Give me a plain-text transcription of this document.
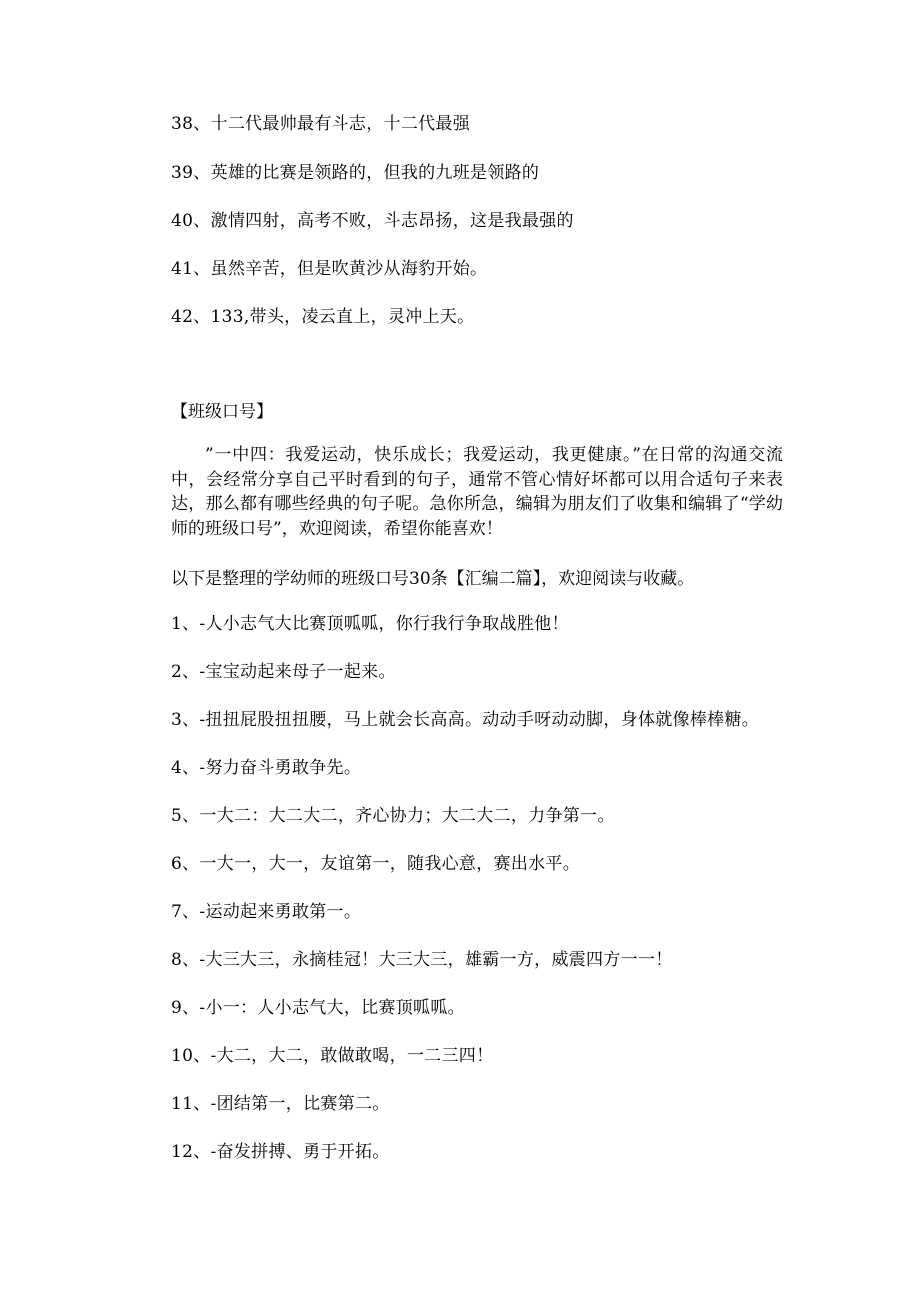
38、十二代最帅最有斗志，十二代最强
39、英雄的比赛是领路的，但我的九班是领路的
40、激情四射，高考不败，斗志昂扬，这是我最强的
41、虽然辛苦，但是吹黄沙从海豹开始。
42、133,带头，凌云直上，灵冲上天。
【班级口号】

”一中四：我爱运动，快乐成长；我爱运动，我更健康。”在日常的沟通交流中，会经常分享自己平时看到的句子，通常不管心情好坏都可以用合适句子来表达，那么都有哪些经典的句子呢。急你所急，编辑为朋友们了收集和编辑了“学幼师的班级口号”，欢迎阅读，希望你能喜欢！

以下是整理的学幼师的班级口号30条【汇编二篇】，欢迎阅读与收藏。
1、-人小志气大比赛顶呱呱，你行我行争取战胜他！
2、-宝宝动起来母子一起来。
3、-扭扭屁股扭扭腰，马上就会长高高。动动手呀动动脚，身体就像棒棒糖。
4、-努力奋斗勇敢争先。
5、一大二：大二大二，齐心协力；大二大二，力争第一。
6、一大一，大一，友谊第一，随我心意，赛出水平。
7、-运动起来勇敢第一。
8、-大三大三，永摘桂冠！大三大三，雄霸一方，威震四方一一！
9、-小一：人小志气大，比赛顶呱呱。
10、-大二，大二，敢做敢喝，一二三四！
11、-团结第一，比赛第二。
12、-奋发拼搏、勇于开拓。
